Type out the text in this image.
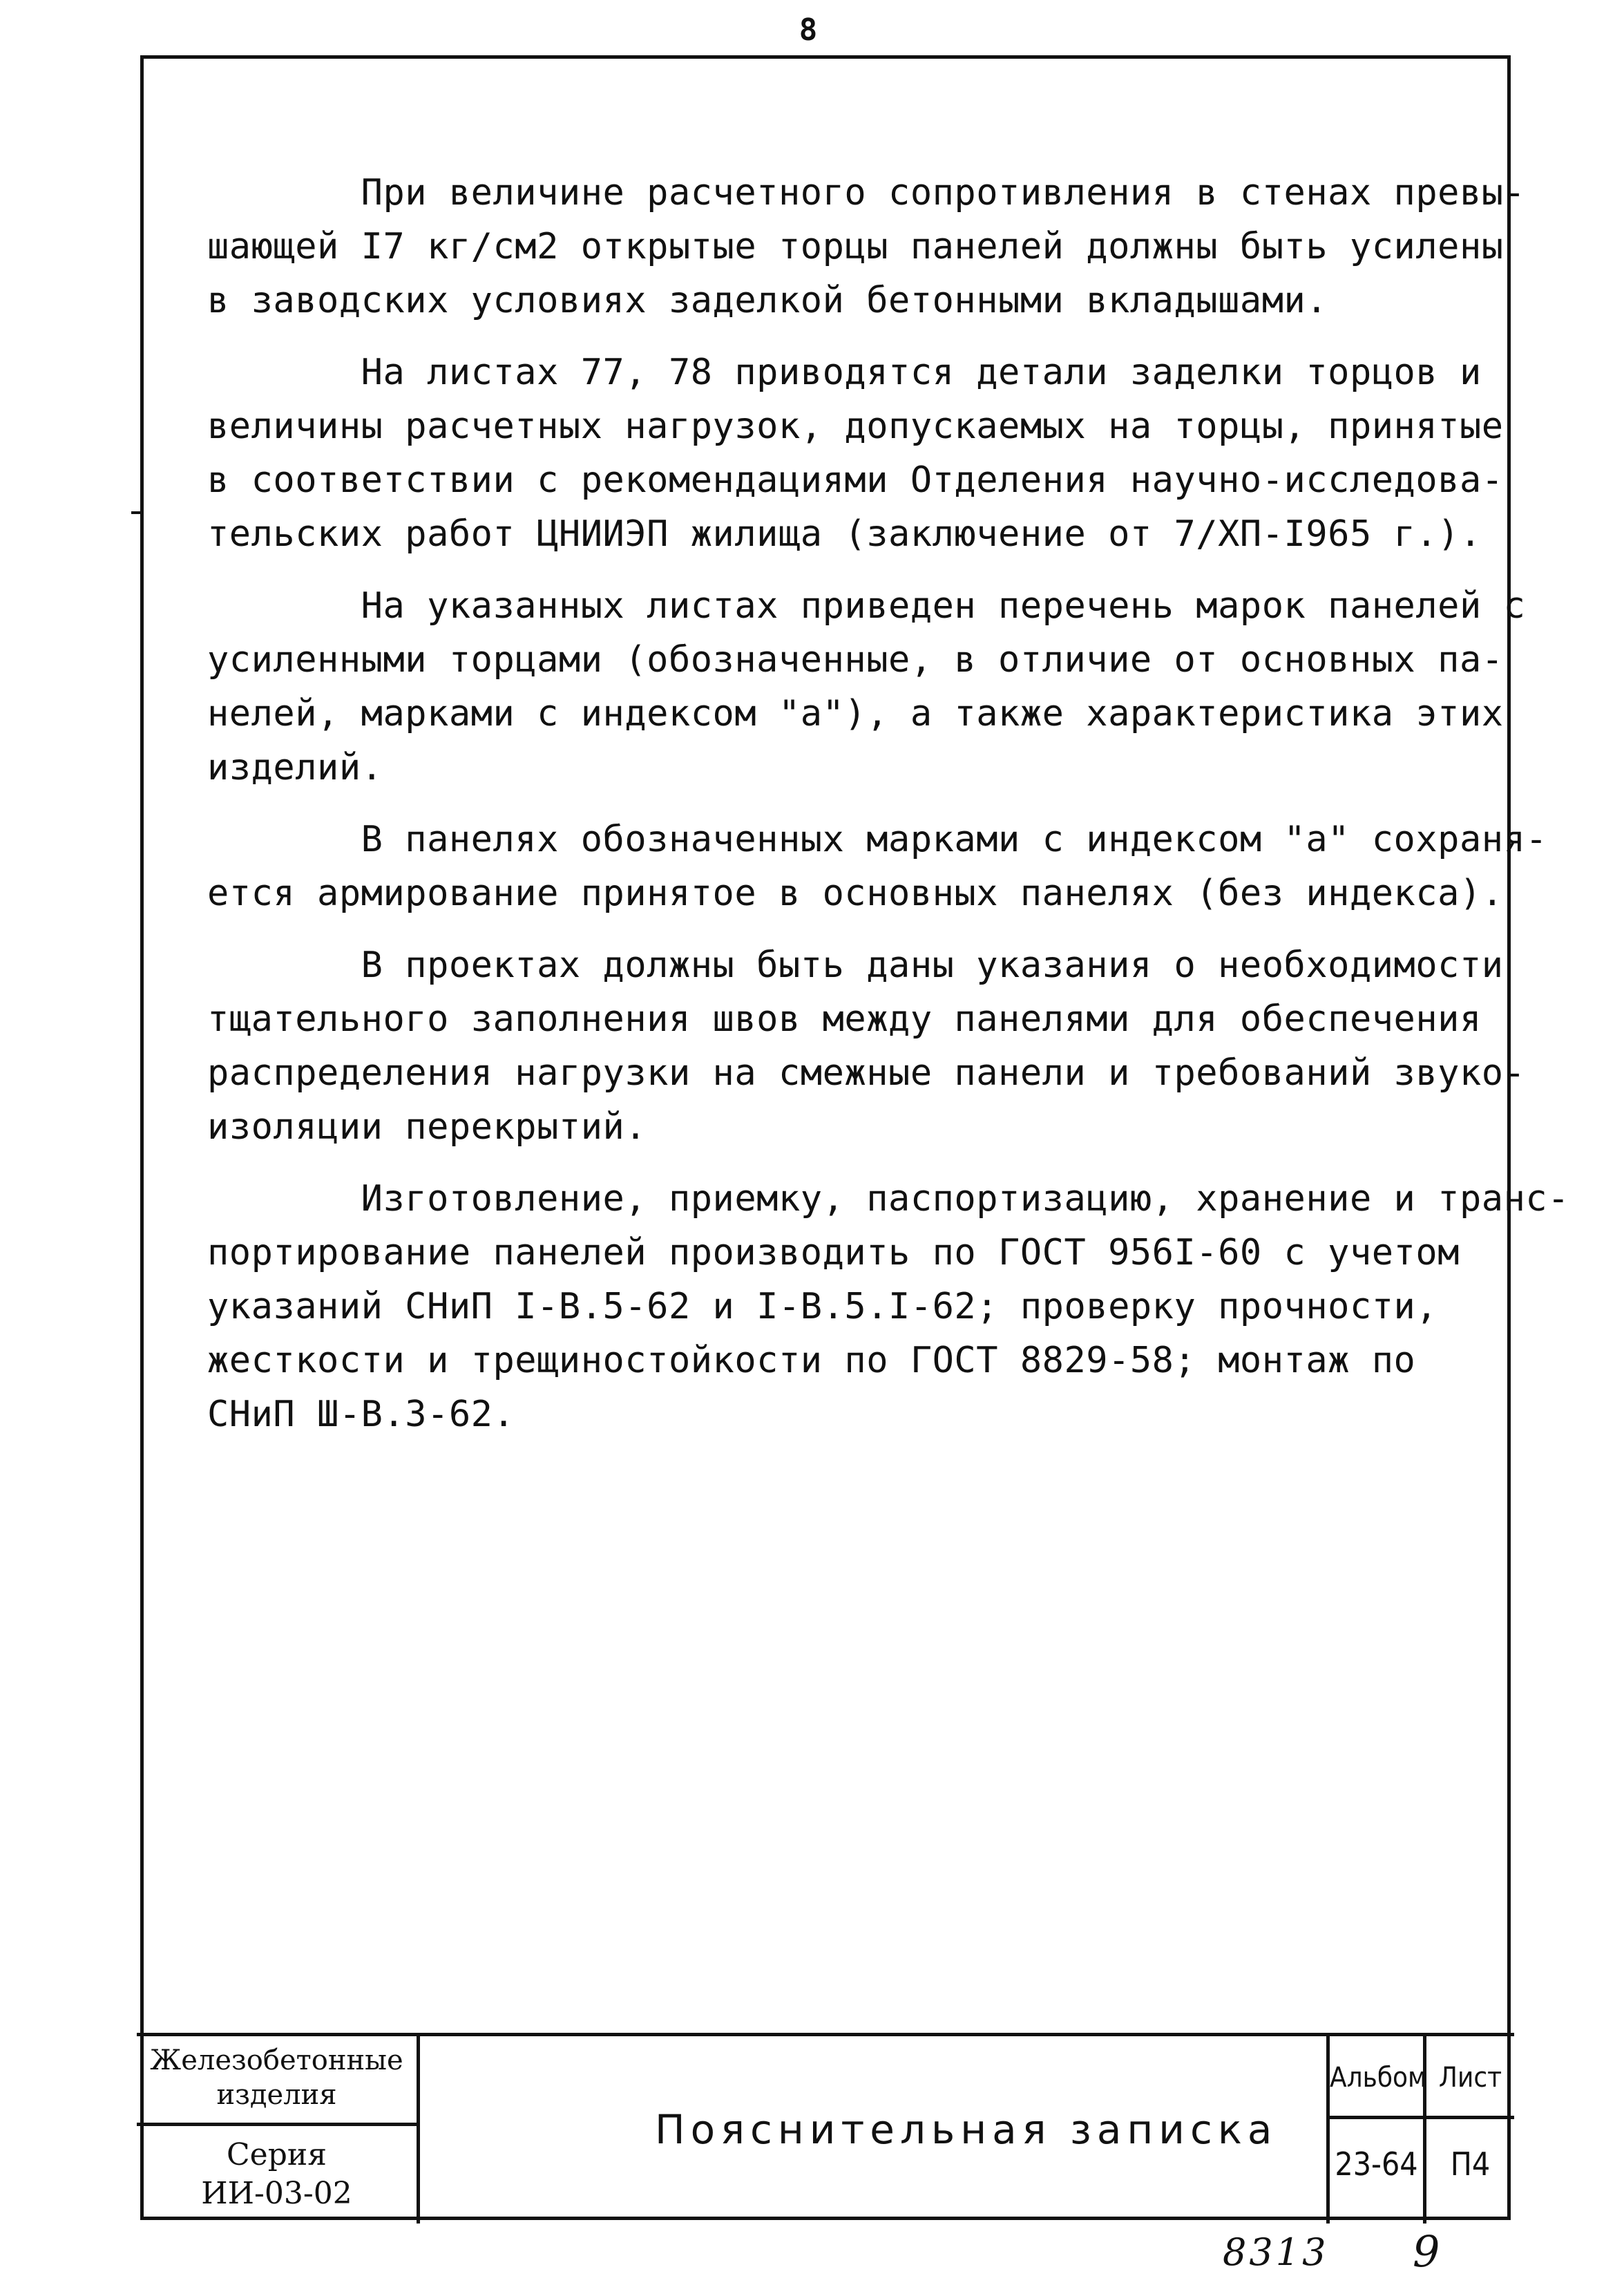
8
При величине расчетного сопротивления в стенах превы-
шающей I7 кг/см2 открытые торцы панелей должны быть усилены
в заводских условиях заделкой бетонными вкладышами.
На листах 77, 78 приводятся детали заделки торцов и
величины расчетных нагрузок, допускаемых на торцы, принятые
в соответствии с рекомендациями Отделения научно-исследова-
тельских работ ЦНИИЭП жилища (заключение от 7/XП-I965 г.).
На указанных листах приведен перечень марок панелей с
усиленными торцами (обозначенные, в отличие от основных па-
нелей, марками с индексом "а"), а также характеристика этих
изделий.
В панелях обозначенных марками с индексом "а" сохраня-
ется армирование принятое в основных панелях (без индекса).
В проектах должны быть даны указания о необходимости
тщательного заполнения швов между панелями для обеспечения
распределения нагрузки на смежные панели и требований звуко-
изоляции перекрытий.
Изготовление, приемку, паспортизацию, хранение и транс-
портирование панелей производить по ГОСТ 956I-60 с учетом
указаний СНиП I-В.5-62 и I-В.5.I-62; проверку прочности,
жесткости и трещиностойкости по ГОСТ 8829-58; монтаж по
СНиП Ш-В.3-62.
Железобетонные
изделия
Серия
ИИ-03-02
Пояснительная записка
Альбом
23-64
Лист
П4
8313 9
